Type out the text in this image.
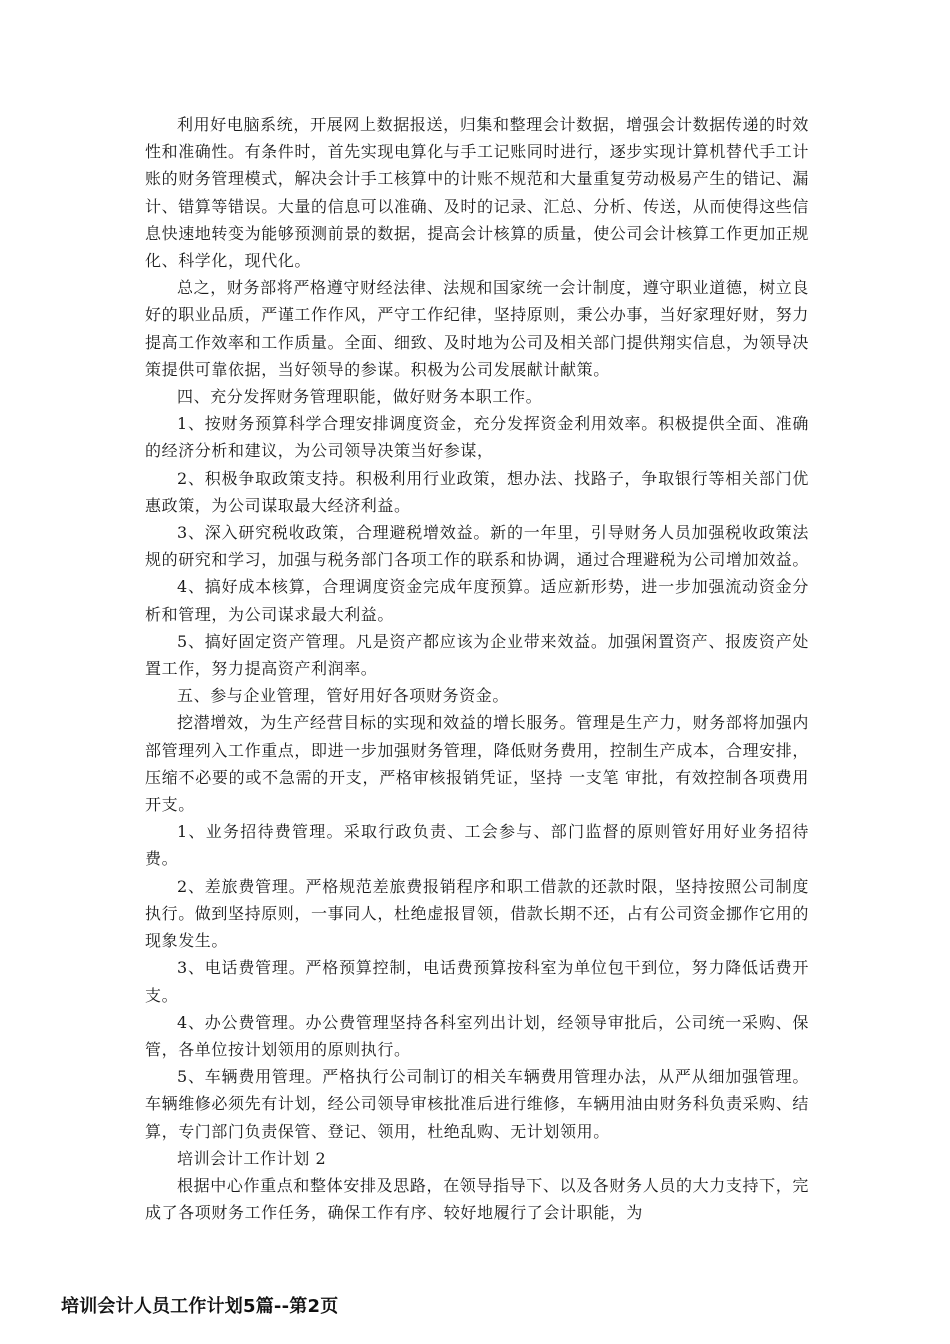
利用好电脑系统，开展网上数据报送，归集和整理会计数据，增强会计数据传递的时效性和准确性。有条件时，首先实现电算化与手工记账同时进行，逐步实现计算机替代手工计账的财务管理模式，解决会计手工核算中的计账不规范和大量重复劳动极易产生的错记、漏计、错算等错误。大量的信息可以准确、及时的记录、汇总、分析、传送，从而使得这些信息快速地转变为能够预测前景的数据，提高会计核算的质量，使公司会计核算工作更加正规化、科学化，现代化。

总之，财务部将严格遵守财经法律、法规和国家统一会计制度，遵守职业道德，树立良好的职业品质，严谨工作作风，严守工作纪律，坚持原则，秉公办事，当好家理好财，努力提高工作效率和工作质量。全面、细致、及时地为公司及相关部门提供翔实信息，为领导决策提供可靠依据，当好领导的参谋。积极为公司发展献计献策。

四、充分发挥财务管理职能，做好财务本职工作。

1、按财务预算科学合理安排调度资金，充分发挥资金利用效率。积极提供全面、准确的经济分析和建议，为公司领导决策当好参谋，

2、积极争取政策支持。积极利用行业政策，想办法、找路子，争取银行等相关部门优惠政策，为公司谋取最大经济利益。

3、深入研究税收政策，合理避税增效益。新的一年里，引导财务人员加强税收政策法规的研究和学习，加强与税务部门各项工作的联系和协调，通过合理避税为公司增加效益。

4、搞好成本核算，合理调度资金完成年度预算。适应新形势，进一步加强流动资金分析和管理，为公司谋求最大利益。

5、搞好固定资产管理。凡是资产都应该为企业带来效益。加强闲置资产、报废资产处置工作，努力提高资产利润率。

五、参与企业管理，管好用好各项财务资金。

挖潜增效，为生产经营目标的实现和效益的增长服务。管理是生产力，财务部将加强内部管理列入工作重点，即进一步加强财务管理，降低财务费用，控制生产成本，合理安排，压缩不必要的或不急需的开支，严格审核报销凭证，坚持 一支笔 审批，有效控制各项费用开支。

1、业务招待费管理。采取行政负责、工会参与、部门监督的原则管好用好业务招待费。

2、差旅费管理。严格规范差旅费报销程序和职工借款的还款时限，坚持按照公司制度执行。做到坚持原则，一事同人，杜绝虚报冒领，借款长期不还，占有公司资金挪作它用的现象发生。

3、电话费管理。严格预算控制，电话费预算按科室为单位包干到位，努力降低话费开支。

4、办公费管理。办公费管理坚持各科室列出计划，经领导审批后，公司统一采购、保管，各单位按计划领用的原则执行。

5、车辆费用管理。严格执行公司制订的相关车辆费用管理办法，从严从细加强管理。车辆维修必须先有计划，经公司领导审核批准后进行维修，车辆用油由财务科负责采购、结算，专门部门负责保管、登记、领用，杜绝乱购、无计划领用。

培训会计工作计划 2

根据中心作重点和整体安排及思路，在领导指导下、以及各财务人员的大力支持下，完成了各项财务工作任务，确保工作有序、较好地履行了会计职能，为

培训会计人员工作计划5篇--第2页
